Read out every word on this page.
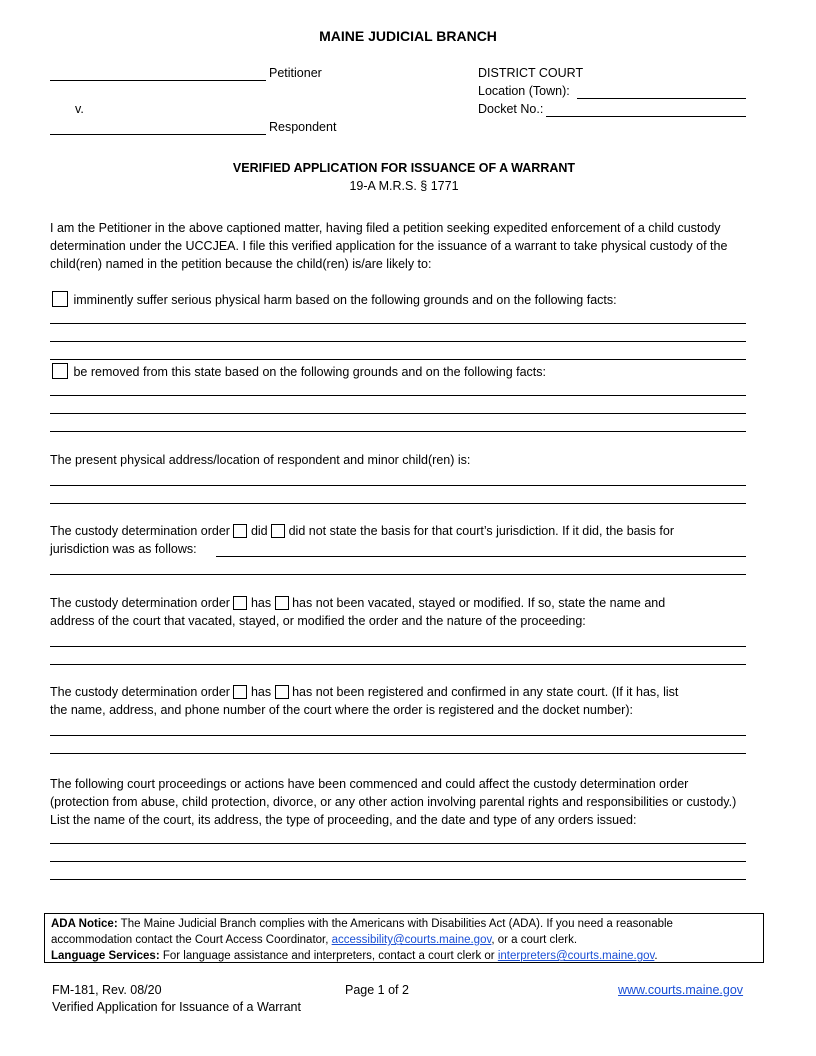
MAINE JUDICIAL BRANCH
Petitioner
v.
Respondent
DISTRICT COURT
Location (Town):
Docket No.:
VERIFIED APPLICATION FOR ISSUANCE OF A WARRANT
19-A M.R.S. § 1771
I am the Petitioner in the above captioned matter, having filed a petition seeking expedited enforcement of a child custody determination under the UCCJEA. I file this verified application for the issuance of a warrant to take physical custody of the child(ren) named in the petition because the child(ren) is/are likely to:
imminently suffer serious physical harm based on the following grounds and on the following facts:
be removed from this state based on the following grounds and on the following facts:
The present physical address/location of respondent and minor child(ren) is:
The custody determination order did did not state the basis for that court’s jurisdiction. If it did, the basis for
jurisdiction was as follows:
The custody determination order has has not been vacated, stayed or modified. If so, state the name and
address of the court that vacated, stayed, or modified the order and the nature of the proceeding:
The custody determination order has has not been registered and confirmed in any state court. (If it has, list
the name, address, and phone number of the court where the order is registered and the docket number):
The following court proceedings or actions have been commenced and could affect the custody determination order (protection from abuse, child protection, divorce, or any other action involving parental rights and responsibilities or custody.) List the name of the court, its address, the type of proceeding, and the date and type of any orders issued:
ADA Notice: The Maine Judicial Branch complies with the Americans with Disabilities Act (ADA). If you need a reasonable accommodation contact the Court Access Coordinator, accessibility@courts.maine.gov, or a court clerk.
Language Services: For language assistance and interpreters, contact a court clerk or interpreters@courts.maine.gov.
FM-181, Rev. 08/20
Verified Application for Issuance of a Warrant
Page 1 of 2	www.courts.maine.gov
